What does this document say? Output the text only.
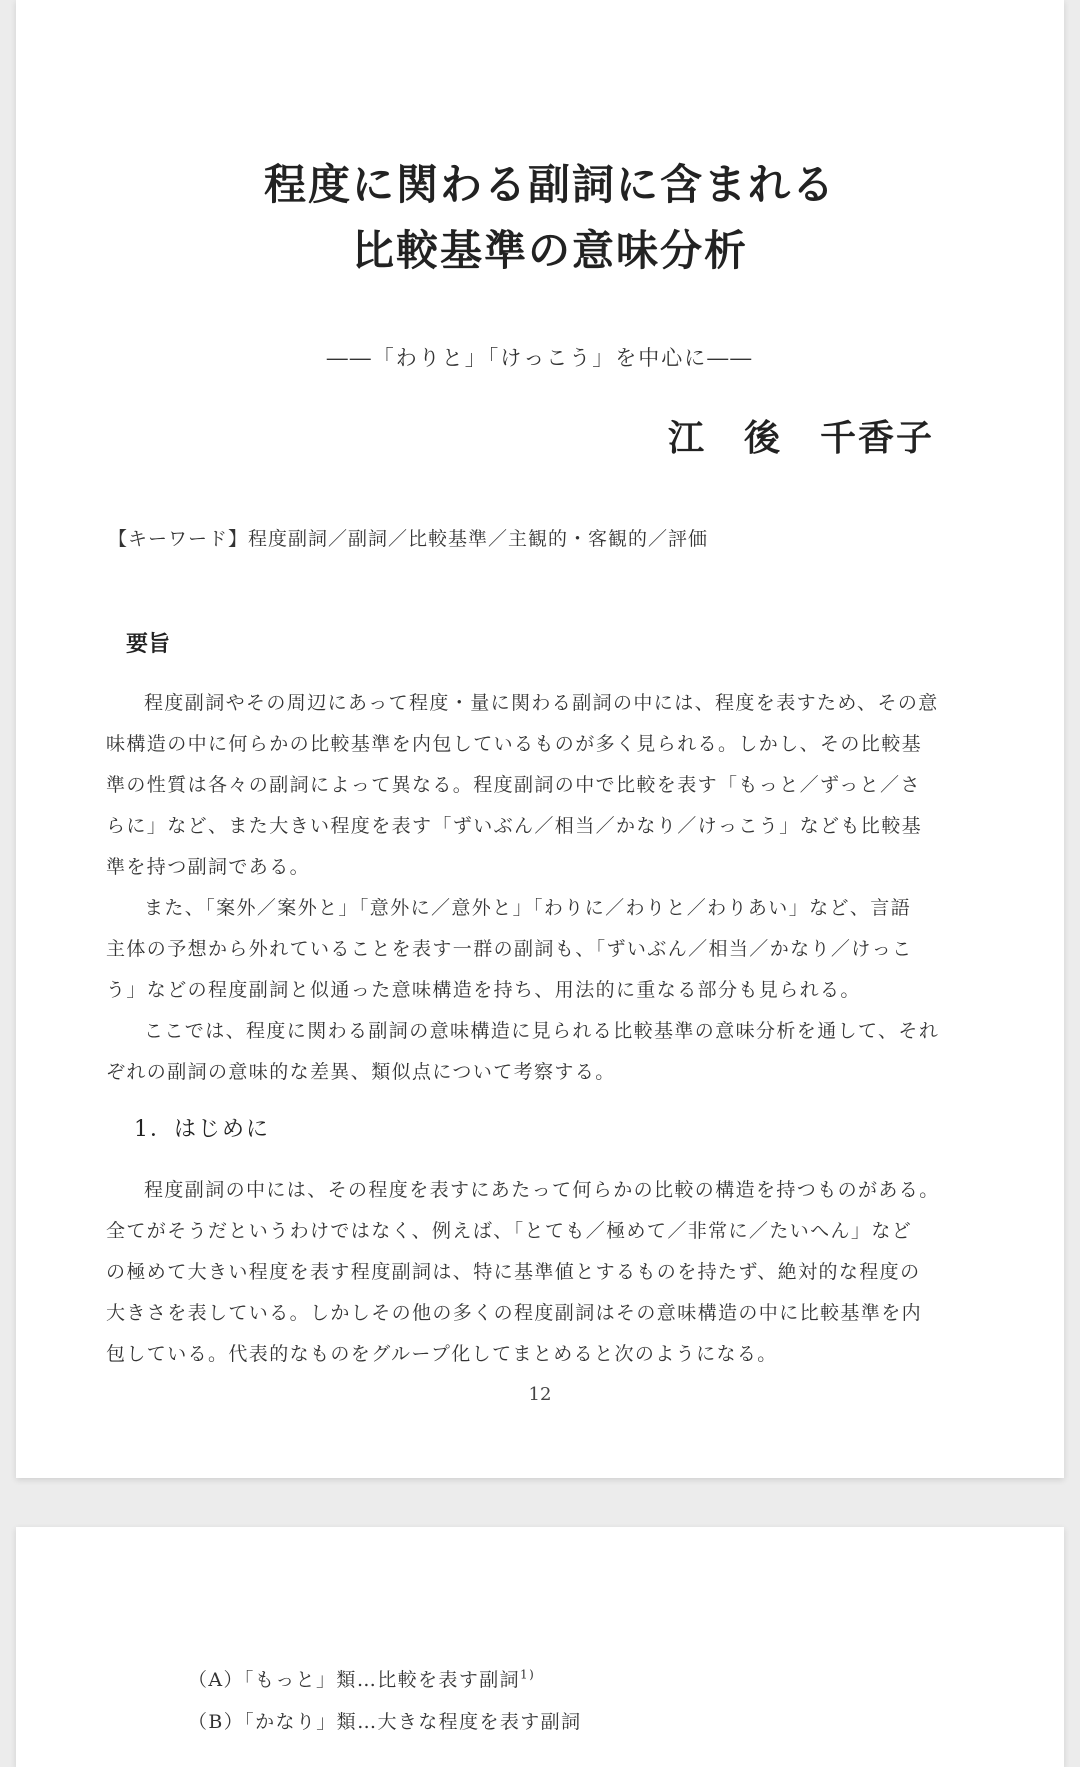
程度に関わる副詞に含まれる
比較基準の意味分析
――「わりと」「けっこう」を中心に――
江　後　千香子
【キーワード】程度副詞／副詞／比較基準／主観的・客観的／評価
要旨
程度副詞やその周辺にあって程度・量に関わる副詞の中には、程度を表すため、その意
味構造の中に何らかの比較基準を内包しているものが多く見られる。しかし、その比較基
準の性質は各々の副詞によって異なる。程度副詞の中で比較を表す「もっと／ずっと／さ
らに」など、また大きい程度を表す「ずいぶん／相当／かなり／けっこう」なども比較基
準を持つ副詞である。
また、「案外／案外と」「意外に／意外と」「わりに／わりと／わりあい」など、言語
主体の予想から外れていることを表す一群の副詞も、「ずいぶん／相当／かなり／けっこ
う」などの程度副詞と似通った意味構造を持ち、用法的に重なる部分も見られる。
ここでは、程度に関わる副詞の意味構造に見られる比較基準の意味分析を通して、それ
ぞれの副詞の意味的な差異、類似点について考察する。
1．はじめに
程度副詞の中には、その程度を表すにあたって何らかの比較の構造を持つものがある。
全てがそうだというわけではなく、例えば、「とても／極めて／非常に／たいへん」など
の極めて大きい程度を表す程度副詞は、特に基準値とするものを持たず、絶対的な程度の
大きさを表している。しかしその他の多くの程度副詞はその意味構造の中に比較基準を内
包している。代表的なものをグループ化してまとめると次のようになる。
12
（A）「もっと」類…比較を表す副詞$^{1)}$
（B）「かなり」類…大きな程度を表す副詞
